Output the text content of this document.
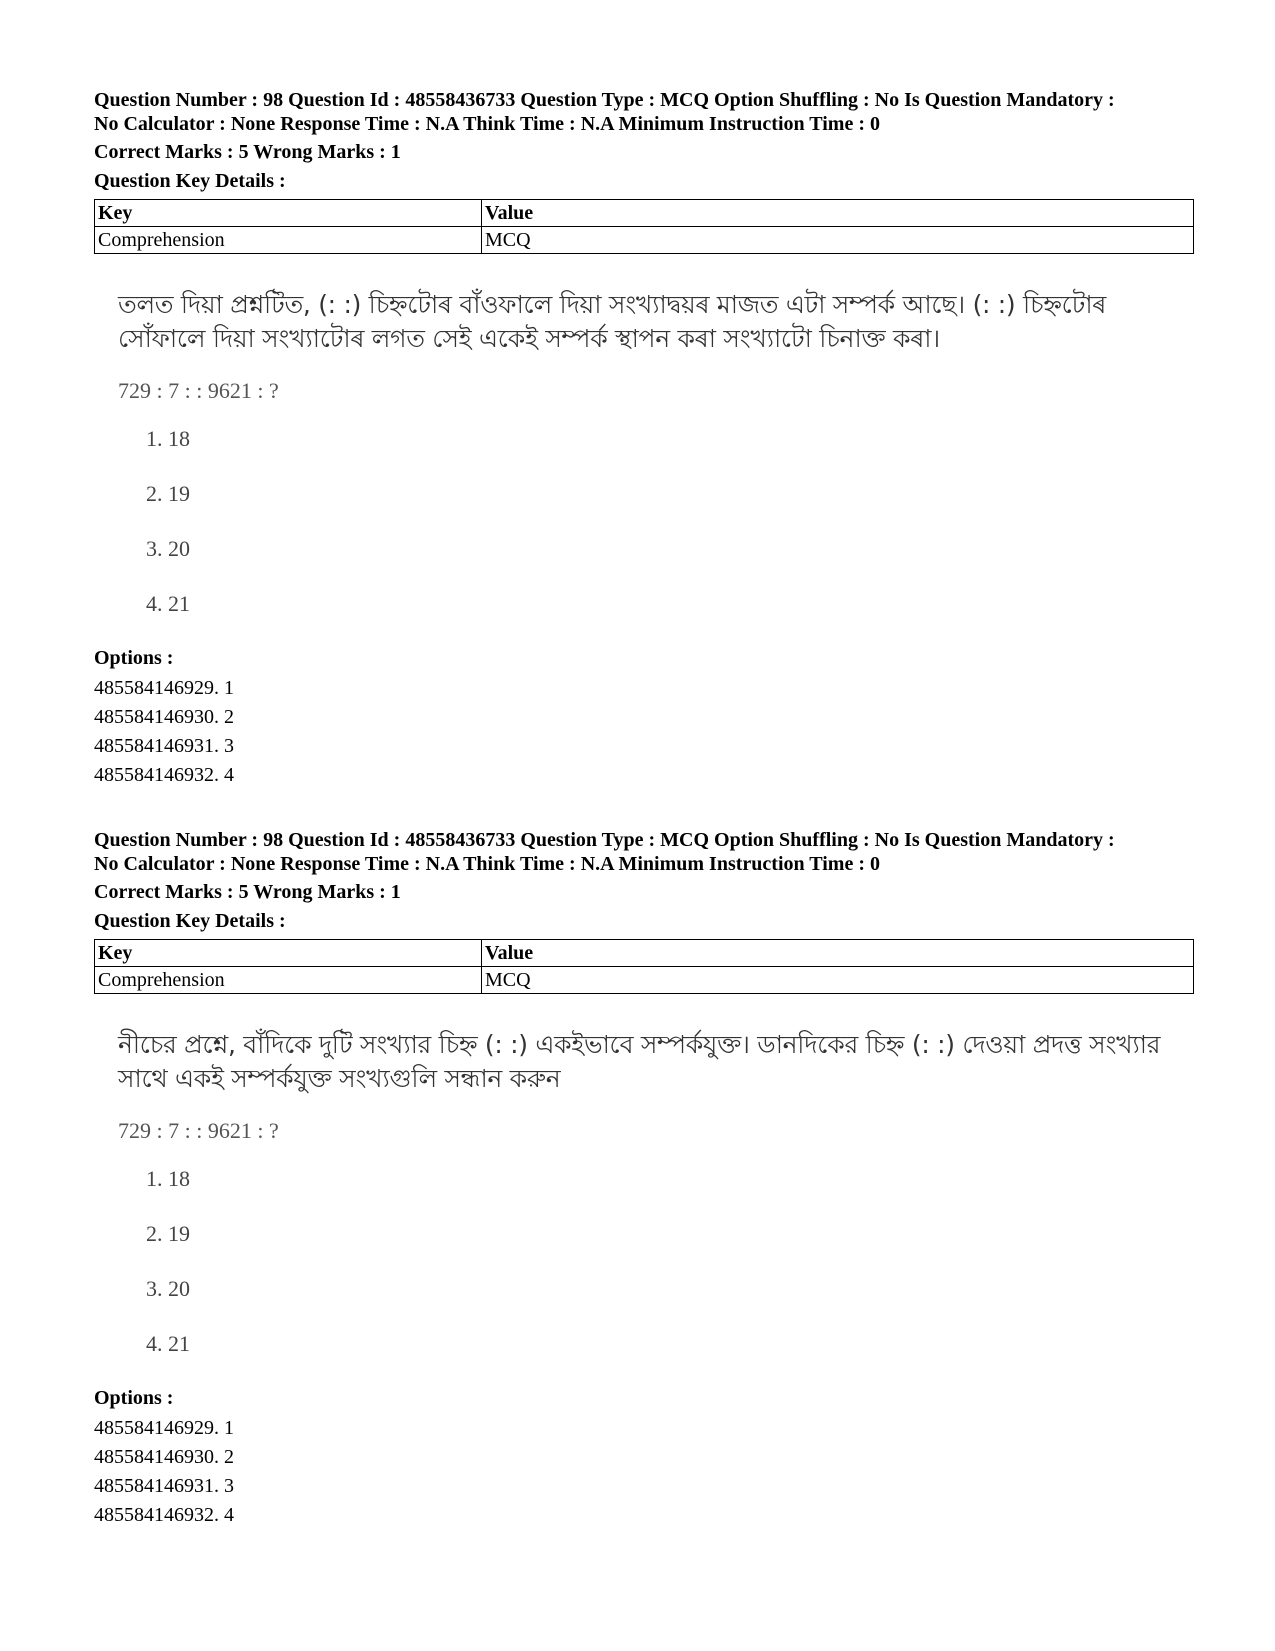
Question Number : 98 Question Id : 48558436733 Question Type : MCQ Option Shuffling : No Is Question Mandatory :
No Calculator : None Response Time : N.A Think Time : N.A Minimum Instruction Time : 0
Correct Marks : 5 Wrong Marks : 1
Question Key Details :
Key	Value
Comprehension	MCQ

তলত দিয়া প্ৰশ্নটিত, (: :) চিহ্নটোৰ বাঁওফালে দিয়া সংখ্যাদ্বয়ৰ মাজত এটা সম্পৰ্ক আছে। (: :) চিহ্নটোৰ সোঁফালে দিয়া সংখ্যাটোৰ লগত সেই একেই সম্পৰ্ক স্থাপন কৰা সংখ্যাটো চিনাক্ত কৰা।

729 : 7 : : 9621 : ?
1. 18
2. 19
3. 20
4. 21
Options :
485584146929. 1
485584146930. 2
485584146931. 3
485584146932. 4
Question Number : 98 Question Id : 48558436733 Question Type : MCQ Option Shuffling : No Is Question Mandatory :
No Calculator : None Response Time : N.A Think Time : N.A Minimum Instruction Time : 0
Correct Marks : 5 Wrong Marks : 1
Question Key Details :
Key	Value
Comprehension	MCQ

নীচের প্রশ্নে, বাঁদিকে দুটি সংখ্যার চিহ্ন (: :) একইভাবে সম্পর্কযুক্ত। ডানদিকের চিহ্ন (: :) দেওয়া প্রদত্ত সংখ্যার সাথে একই সম্পর্কযুক্ত সংখ্যগুলি সন্ধান করুন

729 : 7 : : 9621 : ?
1. 18
2. 19
3. 20
4. 21
Options :
485584146929. 1
485584146930. 2
485584146931. 3
485584146932. 4
